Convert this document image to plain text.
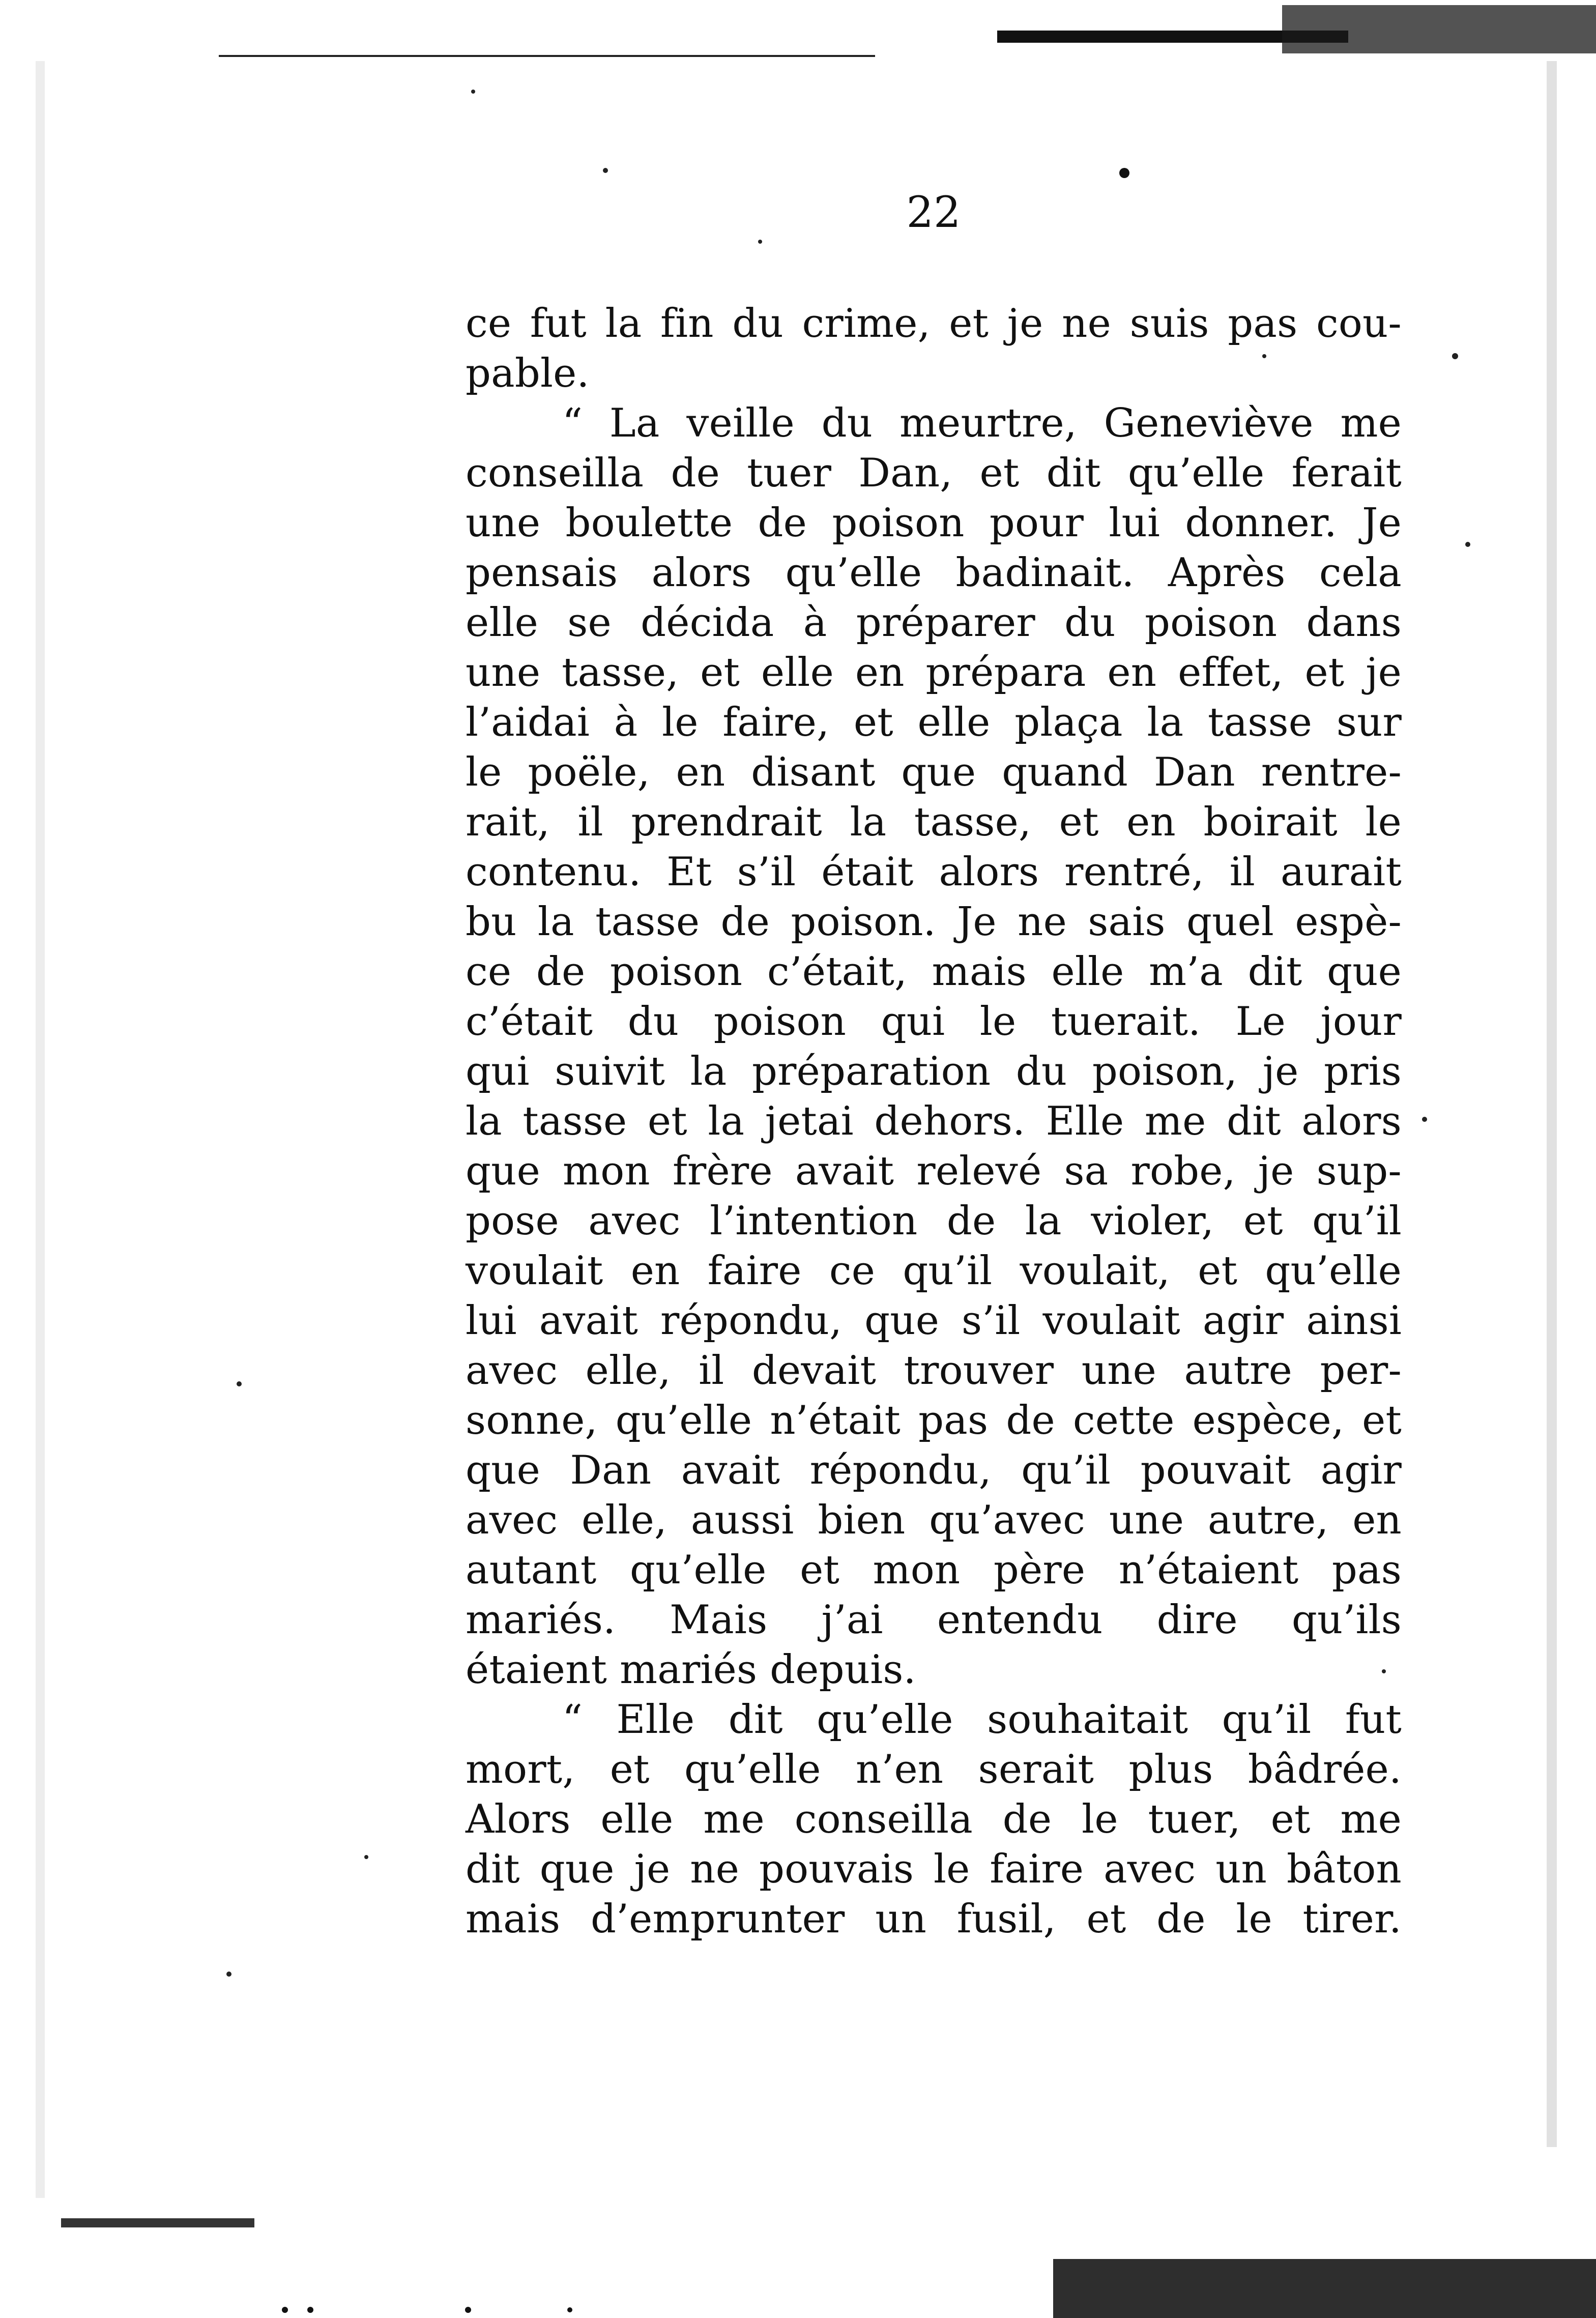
22
ce fut la fin du crime, et je ne suis pas cou-
pable.
“ La veille du meurtre, Geneviève me
conseilla de tuer Dan, et dit qu’elle ferait
une boulette de poison pour lui donner. Je
pensais alors qu’elle badinait. Après cela
elle se décida à préparer du poison dans
une tasse, et elle en prépara en effet, et je
l’aidai à le faire, et elle plaça la tasse sur
le poële, en disant que quand Dan rentre-
rait, il prendrait la tasse, et en boirait le
contenu. Et s’il était alors rentré, il aurait
bu la tasse de poison. Je ne sais quel espè-
ce de poison c’était, mais elle m’a dit que
c’était du poison qui le tuerait. Le jour
qui suivit la préparation du poison, je pris
la tasse et la jetai dehors. Elle me dit alors
que mon frère avait relevé sa robe, je sup-
pose avec l’intention de la violer, et qu’il
voulait en faire ce qu’il voulait, et qu’elle
lui avait répondu, que s’il voulait agir ainsi
avec elle, il devait trouver une autre per-
sonne, qu’elle n’était pas de cette espèce, et
que Dan avait répondu, qu’il pouvait agir
avec elle, aussi bien qu’avec une autre, en
autant qu’elle et mon père n’étaient pas
mariés. Mais j’ai entendu dire qu’ils
étaient mariés depuis.
“ Elle dit qu’elle souhaitait qu’il fut
mort, et qu’elle n’en serait plus bâdrée.
Alors elle me conseilla de le tuer, et me
dit que je ne pouvais le faire avec un bâton
mais d’emprunter un fusil, et de le tirer.
